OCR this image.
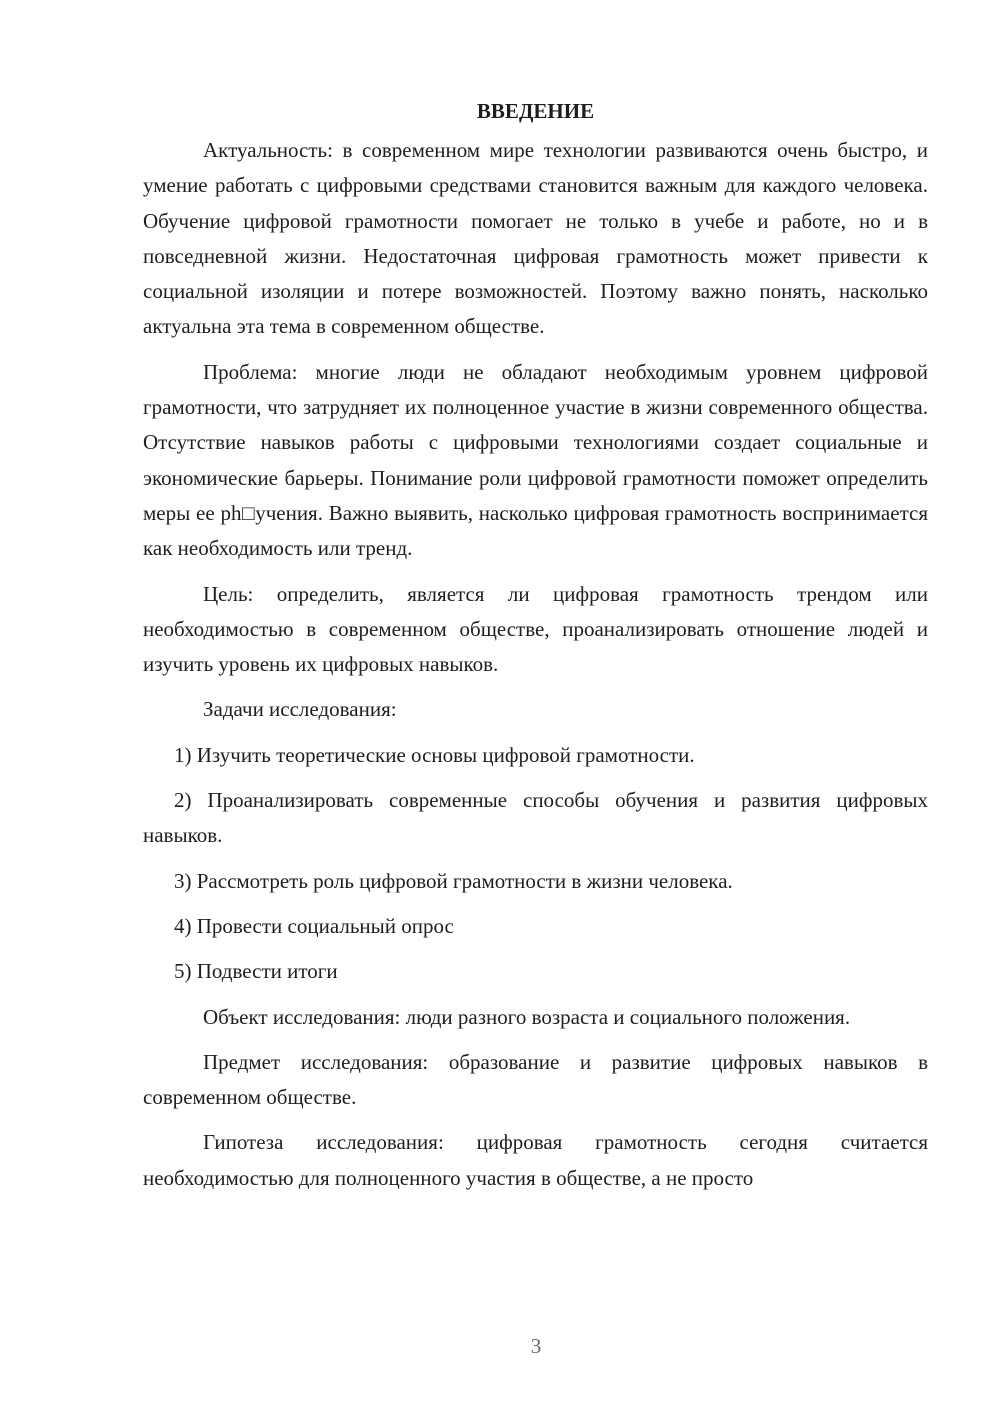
ВВЕДЕНИЕ

Актуальность: в современном мире технологии развиваются очень быстро, и умение работать с цифровыми средствами становится важным для каждого человека. Обучение цифровой грамотности помогает не только в учебе и работе, но и в повседневной жизни. Недостаточная цифровая грамотность может привести к социальной изоляции и потере возможностей. Поэтому важно понять, насколько актуальна эта тема в современном обществе.

Проблема: многие люди не обладают необходимым уровнем цифровой грамотности, что затрудняет их полноценное участие в жизни современного общества. Отсутствие навыков работы с цифровыми технологиями создает социальные и экономические барьеры. Понимание роли цифровой грамотности поможет определить меры ее ph□учения. Важно выявить, насколько цифровая грамотность воспринимается как необходимость или тренд.

Цель: определить, является ли цифровая грамотность трендом или необходимостью в современном обществе, проанализировать отношение людей и изучить уровень их цифровых навыков.

Задачи исследования:

1) Изучить теоретические основы цифровой грамотности.

2) Проанализировать современные способы обучения и развития цифровых навыков.

3) Рассмотреть роль цифровой грамотности в жизни человека.

4) Провести социальный опрос

5) Подвести итоги

Объект исследования: люди разного возраста и социального положения.

Предмет исследования: образование и развитие цифровых навыков в современном обществе.

Гипотеза исследования: цифровая грамотность сегодня считается необходимостью для полноценного участия в обществе, а не просто

3
